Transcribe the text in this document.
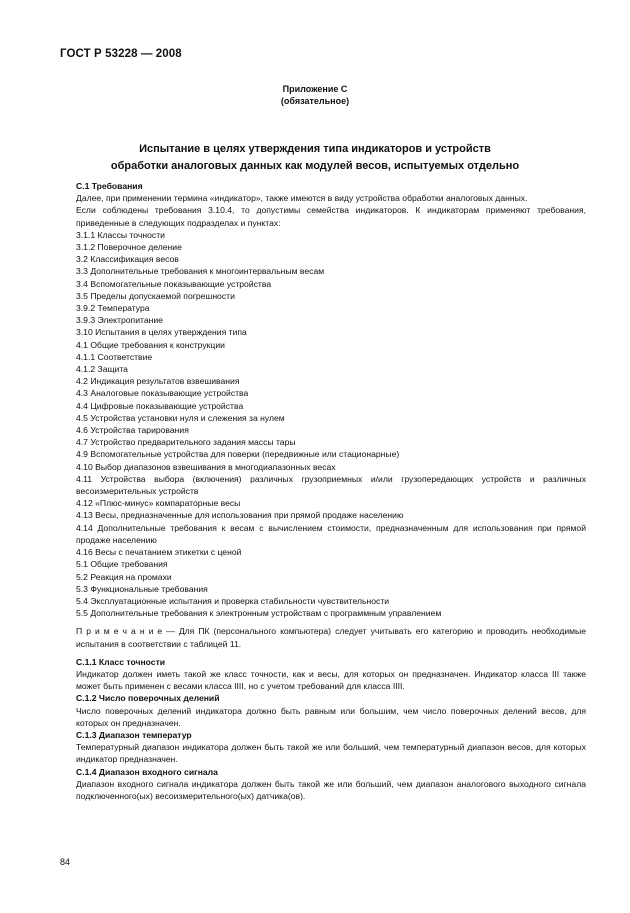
ГОСТ Р 53228 — 2008
Приложение С
(обязательное)
Испытание в целях утверждения типа индикаторов и устройств
обработки аналоговых данных как модулей весов, испытуемых отдельно

С.1 Требования

Далее, при применении термина «индикатор», также имеются в виду устройства обработки аналоговых данных.

Если соблюдены требования 3.10.4, то допустимы семейства индикаторов. К индикаторам применяют требования, приведенные в следующих подразделах и пунктах:

3.1.1 Классы точности

3.1.2 Поверочное деление

3.2 Классификация весов

3.3 Дополнительные требования к многоинтервальным весам

3.4 Вспомогательные показывающие устройства

3.5 Пределы допускаемой погрешности

3.9.2 Температура

3.9.3 Электропитание

3.10 Испытания в целях утверждения типа

4.1 Общие требования к конструкции

4.1.1 Соответствие

4.1.2 Защита

4.2 Индикация результатов взвешивания

4.3 Аналоговые показывающие устройства

4.4 Цифровые показывающие устройства

4.5 Устройства установки нуля и слежения за нулем

4.6 Устройства тарирования

4.7 Устройство предварительного задания массы тары

4.9 Вспомогательные устройства для поверки (передвижные или стационарные)

4.10 Выбор диапазонов взвешивания в многодиапазонных весах

4.11 Устройства выбора (включения) различных грузоприемных и/или грузопередающих устройств и различных весоизмерительных устройств

4.12 «Плюс-минус» компараторные весы

4.13 Весы, предназначенные для использования при прямой продаже населению

4.14 Дополнительные требования к весам с вычислением стоимости, предназначенным для использования при прямой продаже населению

4.16 Весы с печатанием этикетки с ценой

5.1 Общие требования

5.2 Реакция на промахи

5.3 Функциональные требования

5.4 Эксплуатационные испытания и проверка стабильности чувствительности

5.5 Дополнительные требования к электронным устройствам с программным управлением

П р и м е ч а н и е — Для ПК (персонального компьютера) следует учитывать его категорию и проводить необходимые испытания в соответствии с таблицей 11.

С.1.1 Класс точности

Индикатор должен иметь такой же класс точности, как и весы, для которых он предназначен. Индикатор класса III также может быть применен с весами класса IIII, но с учетом требований для класса IIII.

С.1.2 Число поверочных делений

Число поверочных делений индикатора должно быть равным или большим, чем число поверочных делений весов, для которых он предназначен.

С.1.3 Диапазон температур

Температурный диапазон индикатора должен быть такой же или больший, чем температурный диапазон весов, для которых индикатор предназначен.

С.1.4 Диапазон входного сигнала

Диапазон входного сигнала индикатора должен быть такой же или больший, чем диапазон аналогового выходного сигнала подключенного(ых) весоизмерительного(ых) датчика(ов).

84
